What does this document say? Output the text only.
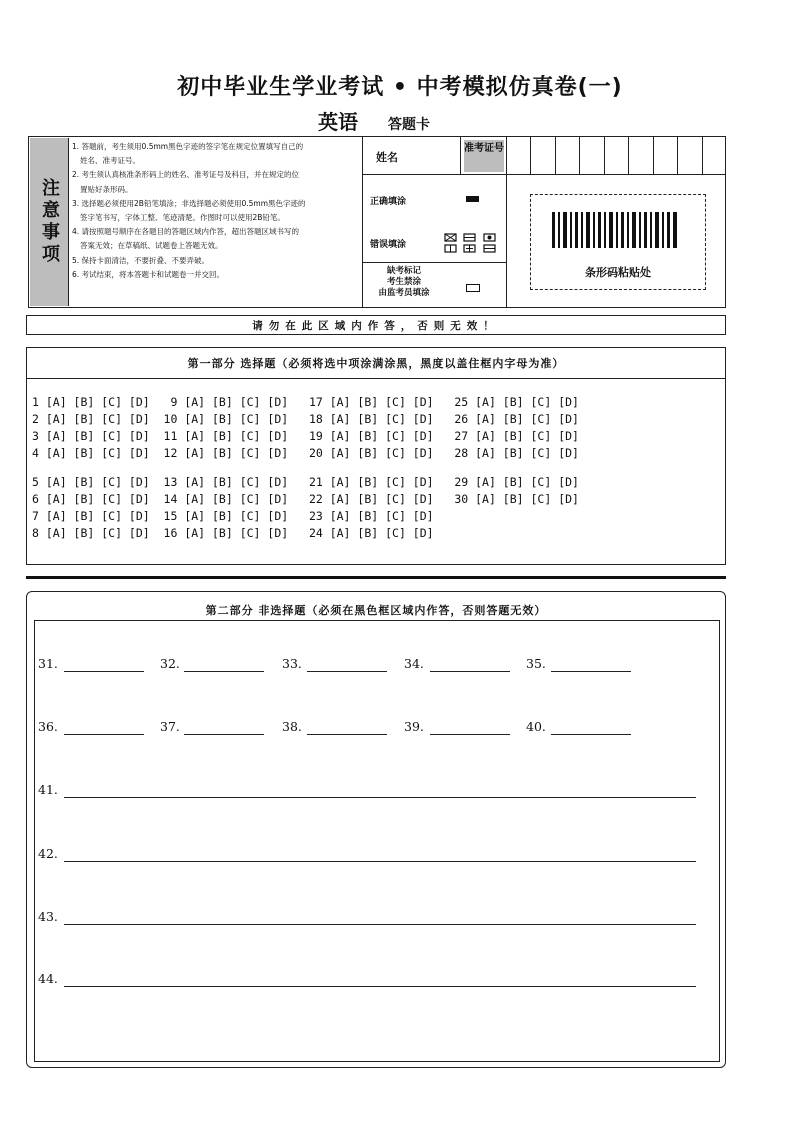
初中毕业生学业考试 • 中考模拟仿真卷(一)
英语 答题卡
注意事项
1. 答题前，考生须用0.5mm黑色字迹的签字笔在规定位置填写自己的
姓名、准考证号。
2. 考生须认真核准条形码上的姓名、准考证号及科目，并在规定的位
置贴好条形码。
3. 选择题必须使用2B铅笔填涂；非选择题必须使用0.5mm黑色字迹的
签字笔书写，字体工整、笔迹清楚。作图时可以使用2B铅笔。
4. 请按照题号顺序在各题目的答题区域内作答，超出答题区域书写的
答案无效；在草稿纸、试题卷上答题无效。
5. 保持卡面清洁，不要折叠、不要弄破。
6. 考试结束，将本答题卡和试题卷一并交回。
姓名
准考证号
正确填涂
错误填涂
缺考标记
考生禁涂
由监考员填涂
条形码粘贴处
请勿在此区域内作答，否则无效！
第一部分 选择题（必须将选中项涂满涂黑，黑度以盖住框内字母为准）
1 [A] [B] [C] [D]   9 [A] [B] [C] [D]   17 [A] [B] [C] [D]   25 [A] [B] [C] [D]
2 [A] [B] [C] [D]  10 [A] [B] [C] [D]   18 [A] [B] [C] [D]   26 [A] [B] [C] [D]
3 [A] [B] [C] [D]  11 [A] [B] [C] [D]   19 [A] [B] [C] [D]   27 [A] [B] [C] [D]
4 [A] [B] [C] [D]  12 [A] [B] [C] [D]   20 [A] [B] [C] [D]   28 [A] [B] [C] [D]
5 [A] [B] [C] [D]  13 [A] [B] [C] [D]   21 [A] [B] [C] [D]   29 [A] [B] [C] [D]
6 [A] [B] [C] [D]  14 [A] [B] [C] [D]   22 [A] [B] [C] [D]   30 [A] [B] [C] [D]
7 [A] [B] [C] [D]  15 [A] [B] [C] [D]   23 [A] [B] [C] [D]
8 [A] [B] [C] [D]  16 [A] [B] [C] [D]   24 [A] [B] [C] [D]
第二部分 非选择题（必须在黑色框区域内作答，否则答题无效）
31.	32.	33.	34.	35.
36.	37.	38.	39.	40.
41.
42.
43.
44.
